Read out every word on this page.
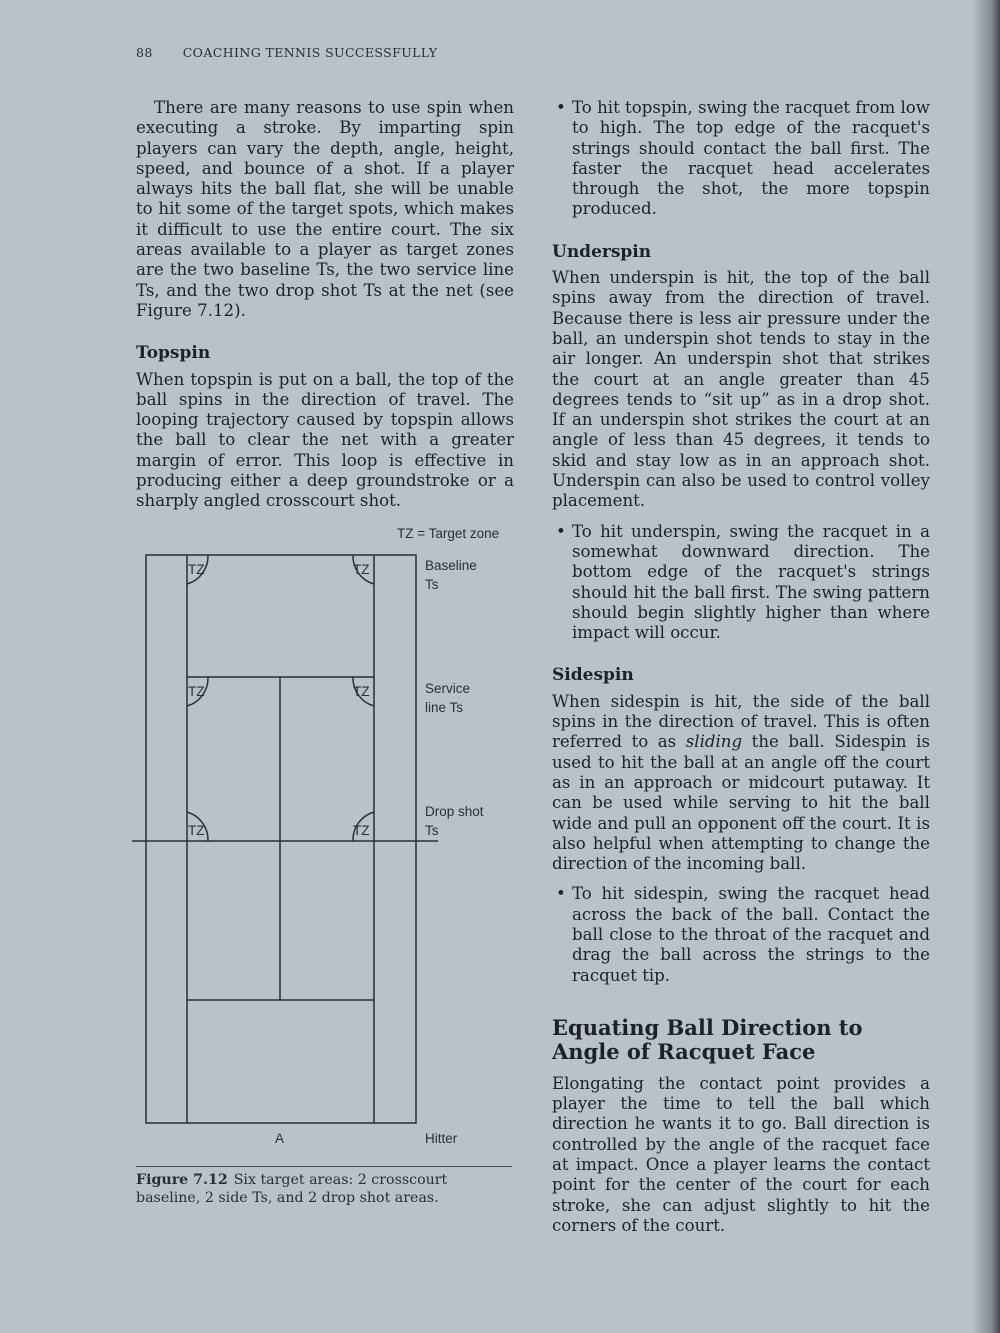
88 COACHING TENNIS SUCCESSFULLY

There are many reasons to use spin when executing a stroke. By imparting spin players can vary the depth, angle, height, speed, and bounce of a shot. If a player always hits the ball flat, she will be unable to hit some of the target spots, which makes it difficult to use the entire court. The six areas available to a player as target zones are the two baseline Ts, the two service line Ts, and the two drop shot Ts at the net (see Figure 7.12).

Topspin

When topspin is put on a ball, the top of the ball spins in the direction of travel. The looping trajectory caused by topspin allows the ball to clear the net with a greater margin of error. This loop is effective in producing either a deep groundstroke or a sharply angled crosscourt shot.

TZ	TZ
TZ	TZ
TZ	TZ
TZ = Target zone
Baseline
Ts
Service
line Ts
Drop shot
Ts
A	Hitter
Figure 7.12 Six target areas: 2 crosscourt baseline, 2 side Ts, and 2 drop shot areas.
• To hit topspin, swing the racquet from low to high. The top edge of the racquet's strings should contact the ball first. The faster the racquet head accelerates through the shot, the more topspin produced.
Underspin

When underspin is hit, the top of the ball spins away from the direction of travel. Because there is less air pressure under the ball, an underspin shot tends to stay in the air longer. An underspin shot that strikes the court at an angle greater than 45 degrees tends to “sit up” as in a drop shot. If an underspin shot strikes the court at an angle of less than 45 degrees, it tends to skid and stay low as in an approach shot. Underspin can also be used to control volley placement.

• To hit underspin, swing the racquet in a somewhat downward direction. The bottom edge of the racquet's strings should hit the ball first. The swing pattern should begin slightly higher than where impact will occur.
Sidespin

When sidespin is hit, the side of the ball spins in the direction of travel. This is often referred to as sliding the ball. Sidespin is used to hit the ball at an angle off the court as in an approach or midcourt putaway. It can be used while serving to hit the ball wide and pull an opponent off the court. It is also helpful when attempting to change the direction of the incoming ball.

• To hit sidespin, swing the racquet head across the back of the ball. Contact the ball close to the throat of the racquet and drag the ball across the strings to the racquet tip.
Equating Ball Direction to Angle of Racquet Face

Elongating the contact point provides a player the time to tell the ball which direction he wants it to go. Ball direction is controlled by the angle of the racquet face at impact. Once a player learns the contact point for the center of the court for each stroke, she can adjust slightly to hit the corners of the court.
